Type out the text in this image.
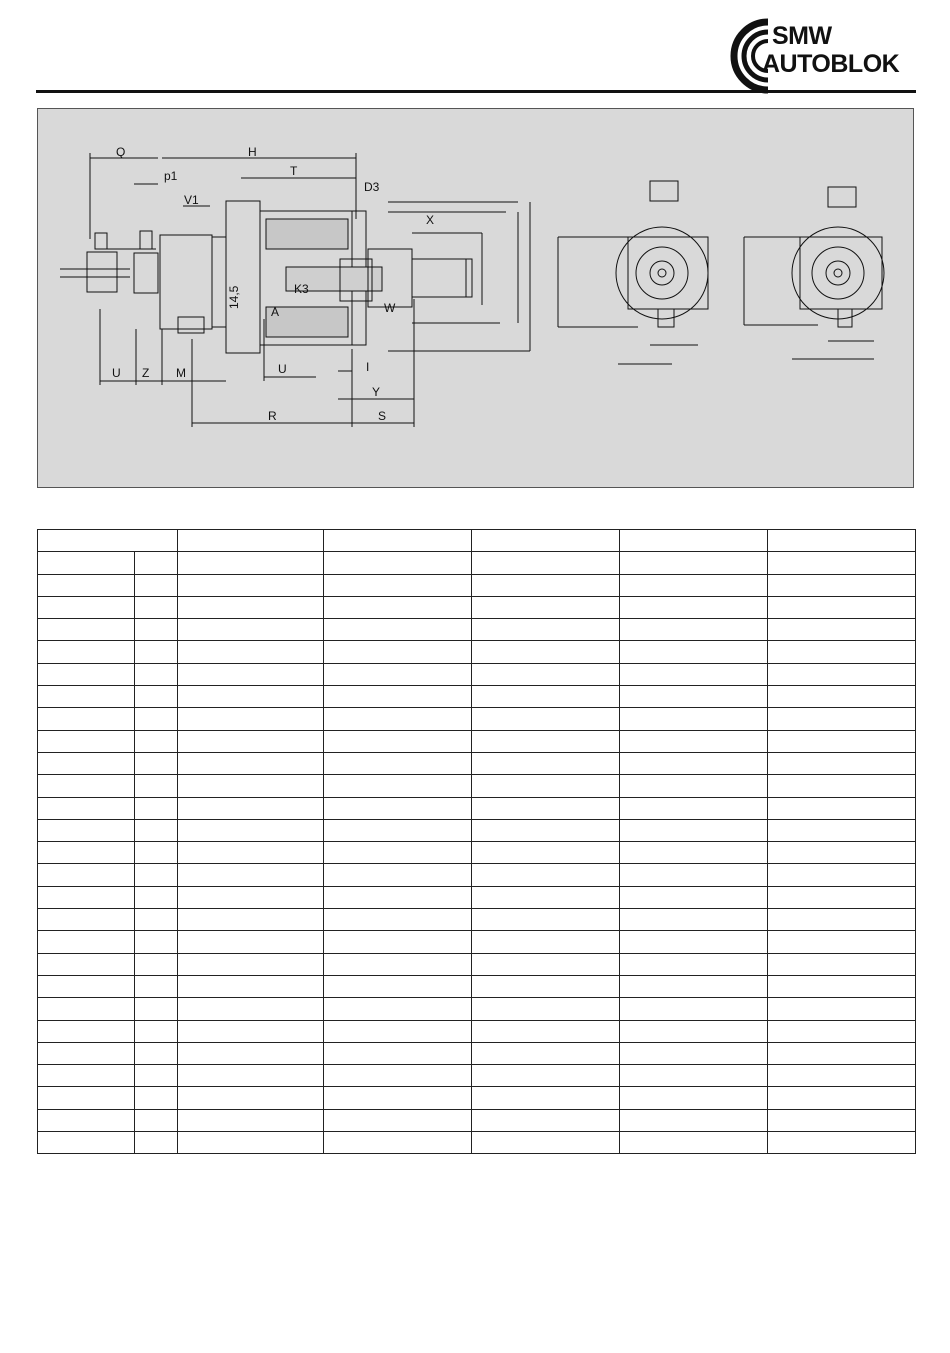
SMW
AUTOBLOK
Q	H
p1	T
D3
V1
X
14,5	K3
A	W
U Z M	U	I
Y
R	S
